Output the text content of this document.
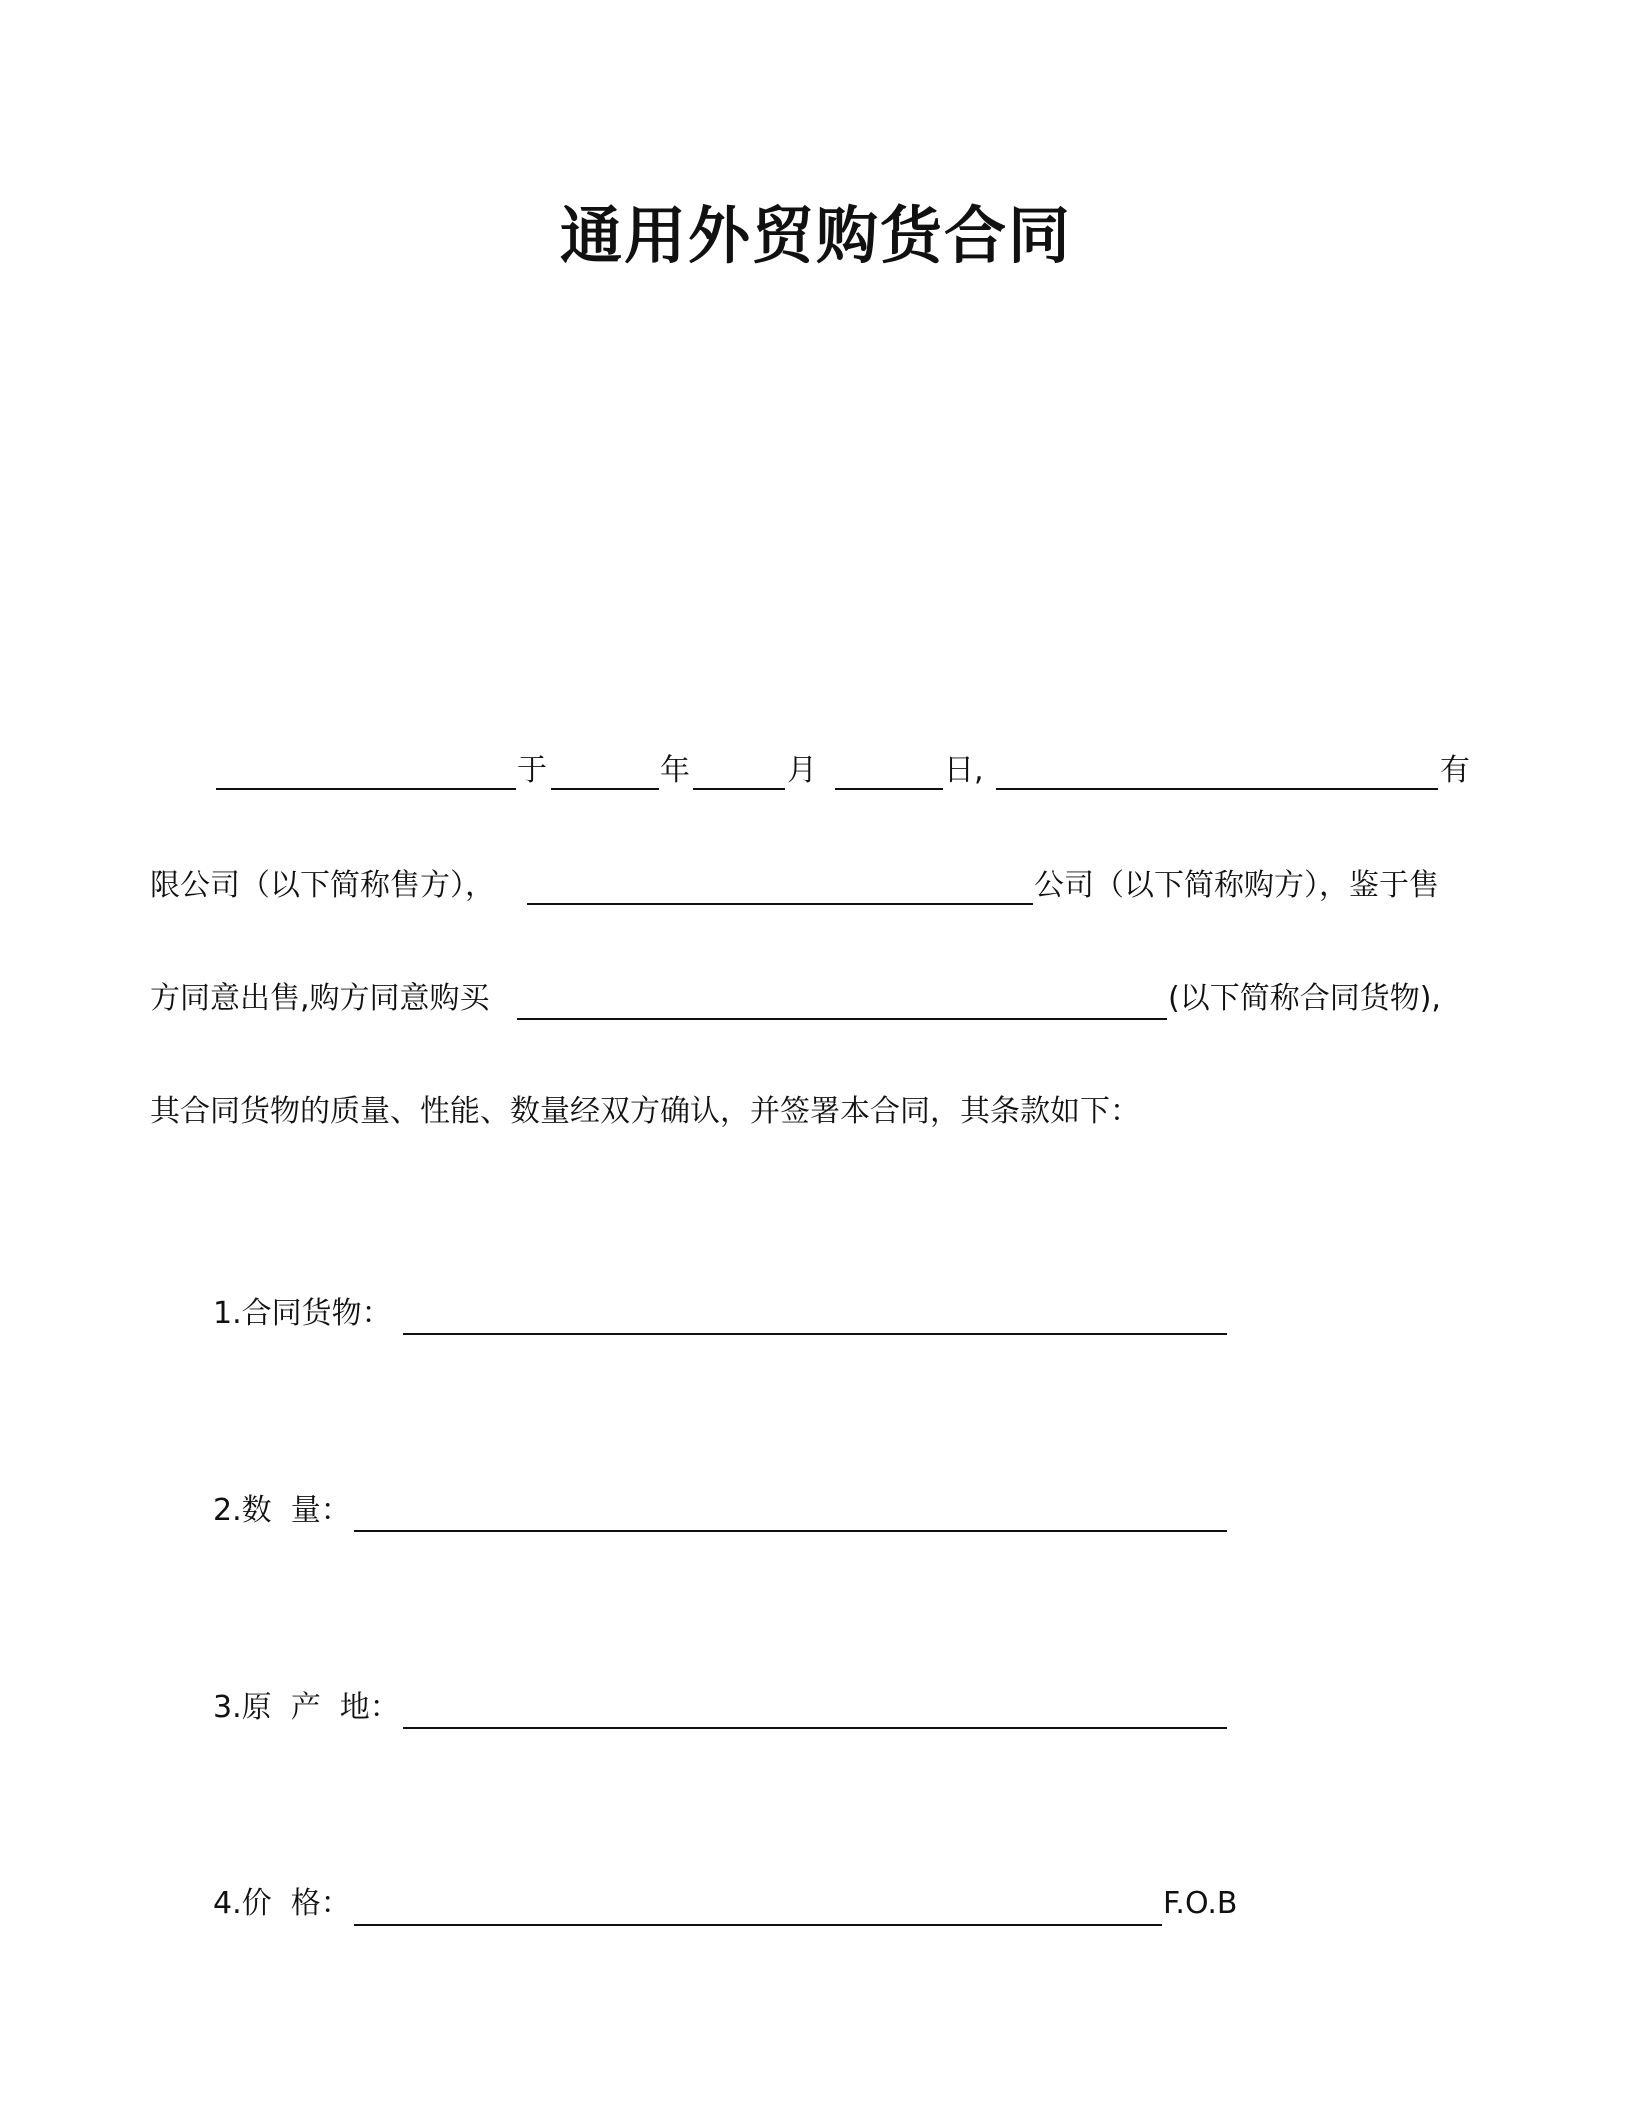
通用外贸购货合同
于	年	月	日,	有
限公司（以下简称售方），	公司（以下简称购方），鉴于售
方同意出售,购方同意购买	(以下简称合同货物),
其合同货物的质量、性能、数量经双方确认，并签署本合同，其条款如下：
1.合同货物：
2.数  量：
3.原  产  地：
4.价  格：	F.O.B
